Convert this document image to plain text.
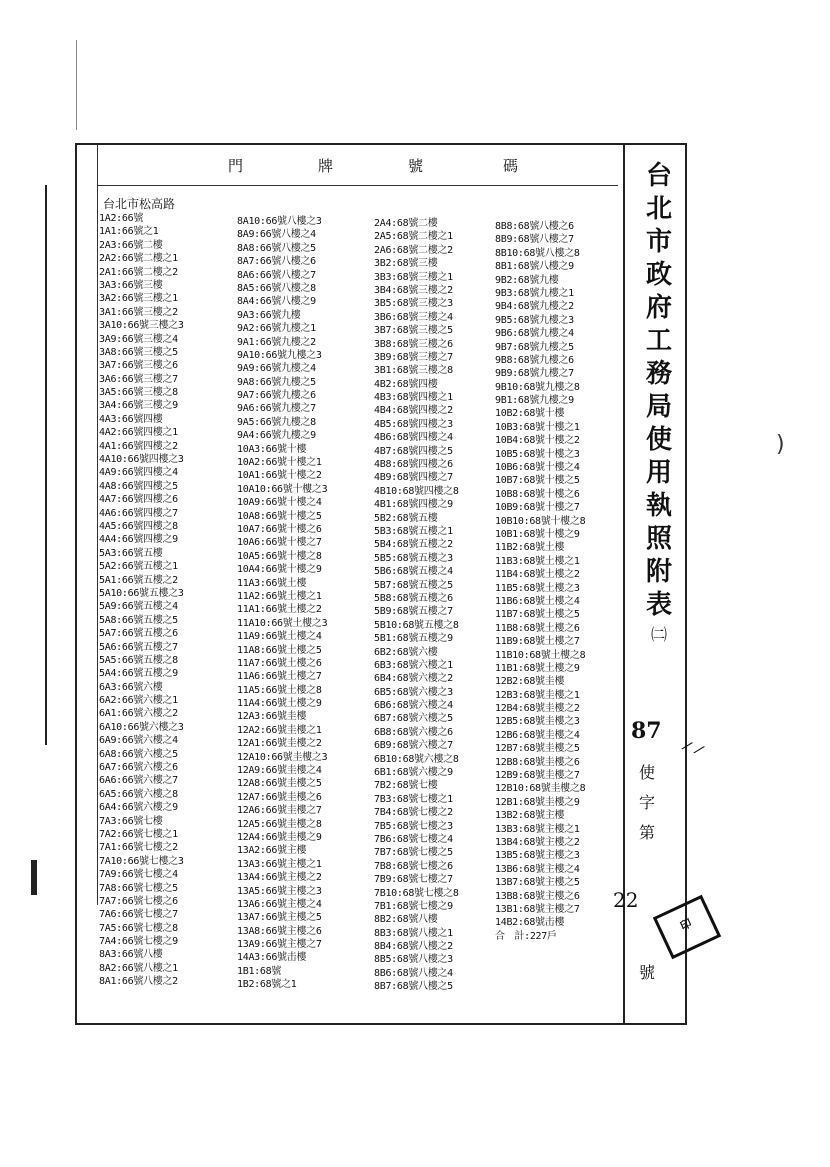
門	牌	號	碼
台北市松高路
1A2:66號
1A1:66號之1
2A3:66號二樓
2A2:66號二樓之1
2A1:66號二樓之2
3A3:66號三樓
3A2:66號三樓之1
3A1:66號三樓之2
3A10:66號三樓之3
3A9:66號三樓之4
3A8:66號三樓之5
3A7:66號三樓之6
3A6:66號三樓之7
3A5:66號三樓之8
3A4:66號三樓之9
4A3:66號四樓
4A2:66號四樓之1
4A1:66號四樓之2
4A10:66號四樓之3
4A9:66號四樓之4
4A8:66號四樓之5
4A7:66號四樓之6
4A6:66號四樓之7
4A5:66號四樓之8
4A4:66號四樓之9
5A3:66號五樓
5A2:66號五樓之1
5A1:66號五樓之2
5A10:66號五樓之3
5A9:66號五樓之4
5A8:66號五樓之5
5A7:66號五樓之6
5A6:66號五樓之7
5A5:66號五樓之8
5A4:66號五樓之9
6A3:66號六樓
6A2:66號六樓之1
6A1:66號六樓之2
6A10:66號六樓之3
6A9:66號六樓之4
6A8:66號六樓之5
6A7:66號六樓之6
6A6:66號六樓之7
6A5:66號六樓之8
6A4:66號六樓之9
7A3:66號七樓
7A2:66號七樓之1
7A1:66號七樓之2
7A10:66號七樓之3
7A9:66號七樓之4
7A8:66號七樓之5
7A7:66號七樓之6
7A6:66號七樓之7
7A5:66號七樓之8
7A4:66號七樓之9
8A3:66號八樓
8A2:66號八樓之1
8A1:66號八樓之2
8A10:66號八樓之3
8A9:66號八樓之4
8A8:66號八樓之5
8A7:66號八樓之6
8A6:66號八樓之7
8A5:66號八樓之8
8A4:66號八樓之9
9A3:66號九樓
9A2:66號九樓之1
9A1:66號九樓之2
9A10:66號九樓之3
9A9:66號九樓之4
9A8:66號九樓之5
9A7:66號九樓之6
9A6:66號九樓之7
9A5:66號九樓之8
9A4:66號九樓之9
10A3:66號十樓
10A2:66號十樓之1
10A1:66號十樓之2
10A10:66號十樓之3
10A9:66號十樓之4
10A8:66號十樓之5
10A7:66號十樓之6
10A6:66號十樓之7
10A5:66號十樓之8
10A4:66號十樓之9
11A3:66號土樓
11A2:66號土樓之1
11A1:66號土樓之2
11A10:66號土樓之3
11A9:66號土樓之4
11A8:66號土樓之5
11A7:66號土樓之6
11A6:66號土樓之7
11A5:66號土樓之8
11A4:66號土樓之9
12A3:66號圭樓
12A2:66號圭樓之1
12A1:66號圭樓之2
12A10:66號圭樓之3
12A9:66號圭樓之4
12A8:66號圭樓之5
12A7:66號圭樓之6
12A6:66號圭樓之7
12A5:66號圭樓之8
12A4:66號圭樓之9
13A2:66號主樓
13A3:66號主樓之1
13A4:66號主樓之2
13A5:66號主樓之3
13A6:66號主樓之4
13A7:66號主樓之5
13A8:66號主樓之6
13A9:66號主樓之7
14A3:66號击樓
1B1:68號
1B2:68號之1
2A4:68號二樓
2A5:68號二樓之1
2A6:68號二樓之2
3B2:68號三樓
3B3:68號三樓之1
3B4:68號三樓之2
3B5:68號三樓之3
3B6:68號三樓之4
3B7:68號三樓之5
3B8:68號三樓之6
3B9:68號三樓之7
3B1:68號三樓之8
4B2:68號四樓
4B3:68號四樓之1
4B4:68號四樓之2
4B5:68號四樓之3
4B6:68號四樓之4
4B7:68號四樓之5
4B8:68號四樓之6
4B9:68號四樓之7
4B10:68號四樓之8
4B1:68號四樓之9
5B2:68號五樓
5B3:68號五樓之1
5B4:68號五樓之2
5B5:68號五樓之3
5B6:68號五樓之4
5B7:68號五樓之5
5B8:68號五樓之6
5B9:68號五樓之7
5B10:68號五樓之8
5B1:68號五樓之9
6B2:68號六樓
6B3:68號六樓之1
6B4:68號六樓之2
6B5:68號六樓之3
6B6:68號六樓之4
6B7:68號六樓之5
6B8:68號六樓之6
6B9:68號六樓之7
6B10:68號六樓之8
6B1:68號六樓之9
7B2:68號七樓
7B3:68號七樓之1
7B4:68號七樓之2
7B5:68號七樓之3
7B6:68號七樓之4
7B7:68號七樓之5
7B8:68號七樓之6
7B9:68號七樓之7
7B10:68號七樓之8
7B1:68號七樓之9
8B2:68號八樓
8B3:68號八樓之1
8B4:68號八樓之2
8B5:68號八樓之3
8B6:68號八樓之4
8B7:68號八樓之5
8B8:68號八樓之6
8B9:68號八樓之7
8B10:68號八樓之8
8B1:68號八樓之9
9B2:68號九樓
9B3:68號九樓之1
9B4:68號九樓之2
9B5:68號九樓之3
9B6:68號九樓之4
9B7:68號九樓之5
9B8:68號九樓之6
9B9:68號九樓之7
9B10:68號九樓之8
9B1:68號九樓之9
10B2:68號十樓
10B3:68號十樓之1
10B4:68號十樓之2
10B5:68號十樓之3
10B6:68號十樓之4
10B7:68號十樓之5
10B8:68號十樓之6
10B9:68號十樓之7
10B10:68號十樓之8
10B1:68號十樓之9
11B2:68號土樓
11B3:68號土樓之1
11B4:68號土樓之2
11B5:68號土樓之3
11B6:68號土樓之4
11B7:68號土樓之5
11B8:68號土樓之6
11B9:68號土樓之7
11B10:68號土樓之8
11B1:68號土樓之9
12B2:68號圭樓
12B3:68號圭樓之1
12B4:68號圭樓之2
12B5:68號圭樓之3
12B6:68號圭樓之4
12B7:68號圭樓之5
12B8:68號圭樓之6
12B9:68號圭樓之7
12B10:68號圭樓之8
12B1:68號圭樓之9
13B2:68號主樓
13B3:68號主樓之1
13B4:68號主樓之2
13B5:68號主樓之3
13B6:68號主樓之4
13B7:68號主樓之5
13B8:68號主樓之6
13B1:68號主樓之7
14B2:68號击樓
合　計:227戶
台
北
市
政
府
工
務
局
使
用
執
照
附
表
㈡
87
使
字
第
22
號
印
⟋ ⟋
)
